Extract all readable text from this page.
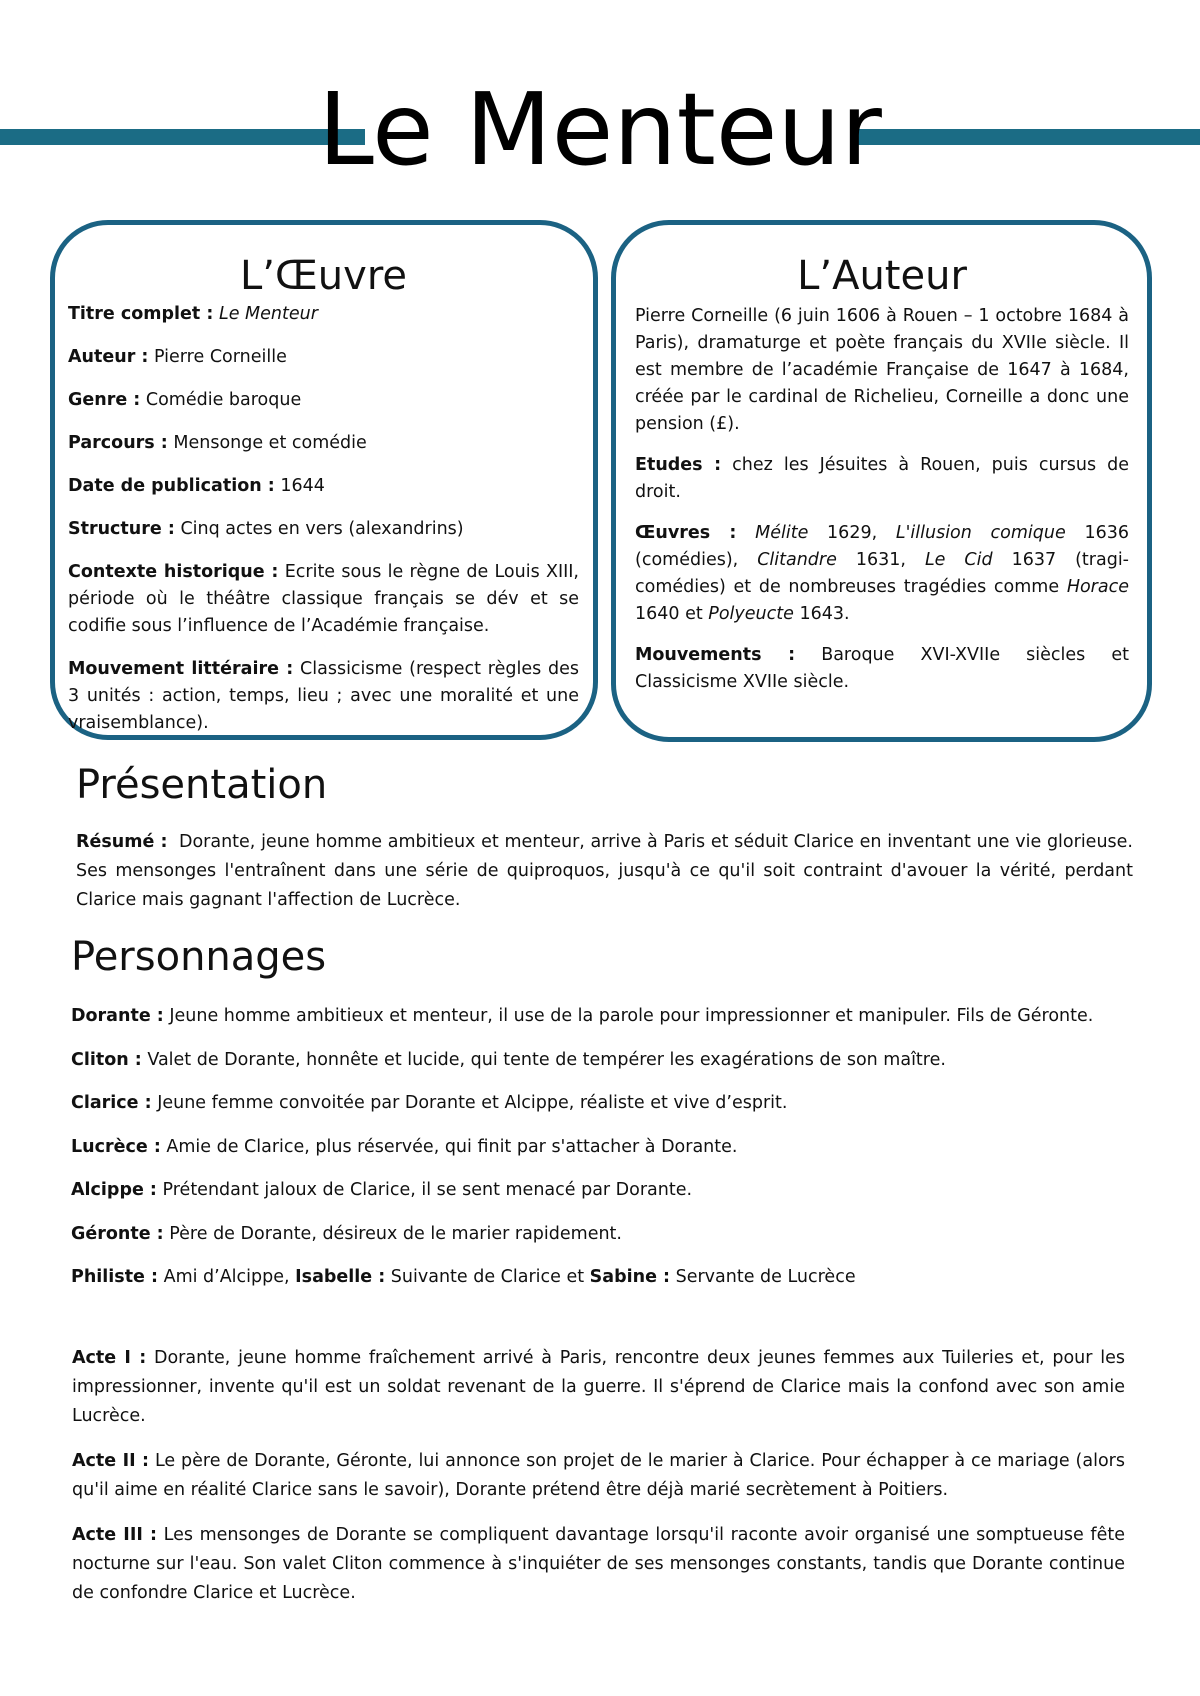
Le Menteur
L’Œuvre

Titre complet : Le Menteur

Auteur : Pierre Corneille

Genre : Comédie baroque

Parcours : Mensonge et comédie

Date de publication : 1644

Structure : Cinq actes en vers (alexandrins)

Contexte historique : Ecrite sous le règne de Louis XIII, période où le théâtre classique français se dév et se codifie sous l’influence de l’Académie française.

Mouvement littéraire : Classicisme (respect règles des 3 unités : action, temps, lieu ; avec une moralité et une vraisemblance).

L’Auteur

Pierre Corneille (6 juin 1606 à Rouen – 1 octobre 1684 à Paris), dramaturge et poète français du XVIIe siècle. Il est membre de l’académie Française de 1647 à 1684, créée par le cardinal de Richelieu, Corneille a donc une pension (£).

Etudes : chez les Jésuites à Rouen, puis cursus de droit.

Œuvres : Mélite 1629, L'illusion comique 1636 (comédies), Clitandre 1631, Le Cid 1637 (tragi-comédies) et de nombreuses tragédies comme Horace 1640 et Polyeucte 1643.

Mouvements : Baroque XVI-XVIIe siècles et Classicisme XVIIe siècle.

Présentation

Résumé : Dorante, jeune homme ambitieux et menteur, arrive à Paris et séduit Clarice en inventant une vie glorieuse. Ses mensonges l'entraînent dans une série de quiproquos, jusqu'à ce qu'il soit contraint d'avouer la vérité, perdant Clarice mais gagnant l'affection de Lucrèce.

Personnages
Dorante : Jeune homme ambitieux et menteur, il use de la parole pour impressionner et manipuler. Fils de Géronte.
Cliton : Valet de Dorante, honnête et lucide, qui tente de tempérer les exagérations de son maître.
Clarice : Jeune femme convoitée par Dorante et Alcippe, réaliste et vive d’esprit.
Lucrèce : Amie de Clarice, plus réservée, qui finit par s'attacher à Dorante.
Alcippe : Prétendant jaloux de Clarice, il se sent menacé par Dorante.
Géronte : Père de Dorante, désireux de le marier rapidement.
Philiste : Ami d’Alcippe, Isabelle : Suivante de Clarice et Sabine : Servante de Lucrèce
Acte I : Dorante, jeune homme fraîchement arrivé à Paris, rencontre deux jeunes femmes aux Tuileries et, pour les impressionner, invente qu'il est un soldat revenant de la guerre. Il s'éprend de Clarice mais la confond avec son amie Lucrèce.
Acte II : Le père de Dorante, Géronte, lui annonce son projet de le marier à Clarice. Pour échapper à ce mariage (alors qu'il aime en réalité Clarice sans le savoir), Dorante prétend être déjà marié secrètement à Poitiers.
Acte III : Les mensonges de Dorante se compliquent davantage lorsqu'il raconte avoir organisé une somptueuse fête nocturne sur l'eau. Son valet Cliton commence à s'inquiéter de ses mensonges constants, tandis que Dorante continue de confondre Clarice et Lucrèce.
